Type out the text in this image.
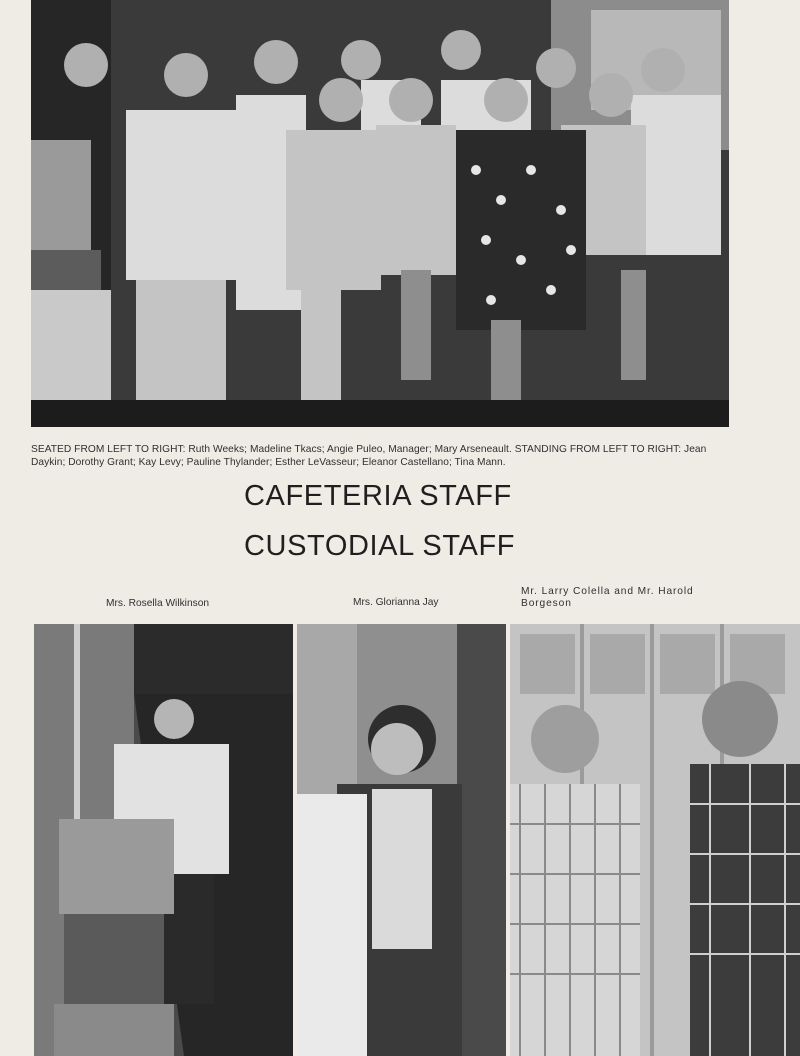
SEATED FROM LEFT TO RIGHT: Ruth Weeks; Madeline Tkacs; Angie Puleo, Manager; Mary Arseneault. STANDING FROM LEFT TO RIGHT: Jean Daykin; Dorothy Grant; Kay Levy; Pauline Thylander; Esther LeVasseur; Eleanor Castellano; Tina Mann.
CAFETERIA STAFF
CUSTODIAL STAFF
Mrs. Rosella Wilkinson	Mrs. Glorianna Jay
Mr. Larry Colella and Mr. Harold
Borgeson
